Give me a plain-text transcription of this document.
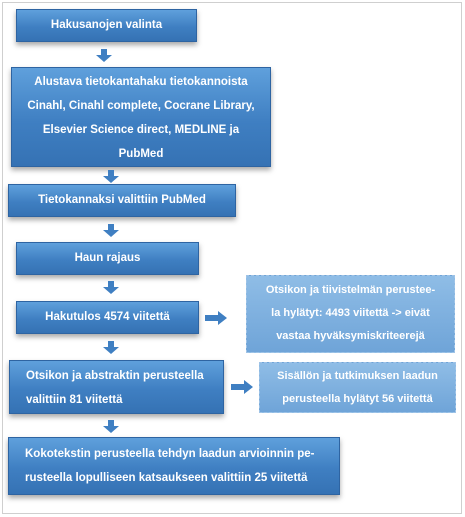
Hakusanojen valinta
Alustava tietokantahaku tietokannoista
Cinahl, Cinahl complete, Cocrane Library,
Elsevier Science direct, MEDLINE ja
PubMed
Tietokannaksi valittiin PubMed
Haun rajaus
Hakutulos 4574 viitettä
Otsikon ja tiivistelmän perustee-
la hylätyt: 4493 viitettä -> eivät
vastaa hyväksymiskriteerejä
Otsikon ja abstraktin perusteella
valittiin 81 viitettä
Sisällön ja tutkimuksen laadun
perusteella hylätyt 56 viitettä
Kokotekstin perusteella tehdyn laadun arvioinnin pe-
rusteella lopulliseen katsaukseen valittiin 25 viitettä
